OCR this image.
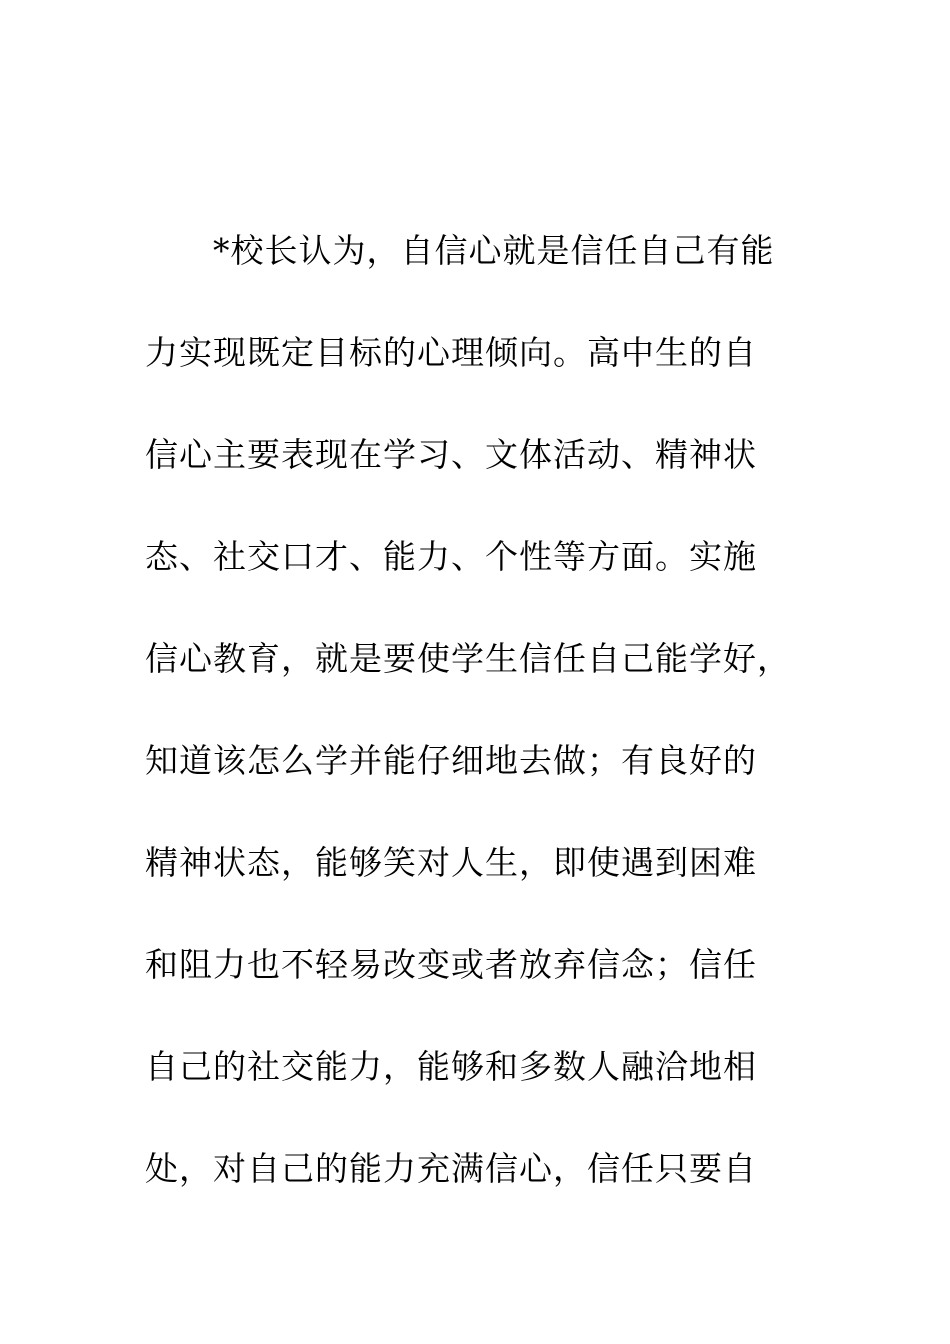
*校长认为，自信心就是信任自己有能
力实现既定目标的心理倾向。高中生的自
信心主要表现在学习、文体活动、精神状
态、社交口才、能力、个性等方面。实施
信心教育，就是要使学生信任自己能学好，
知道该怎么学并能仔细地去做；有良好的
精神状态，能够笑对人生，即使遇到困难
和阻力也不轻易改变或者放弃信念；信任
自己的社交能力，能够和多数人融洽地相
处，对自己的能力充满信心，信任只要自
